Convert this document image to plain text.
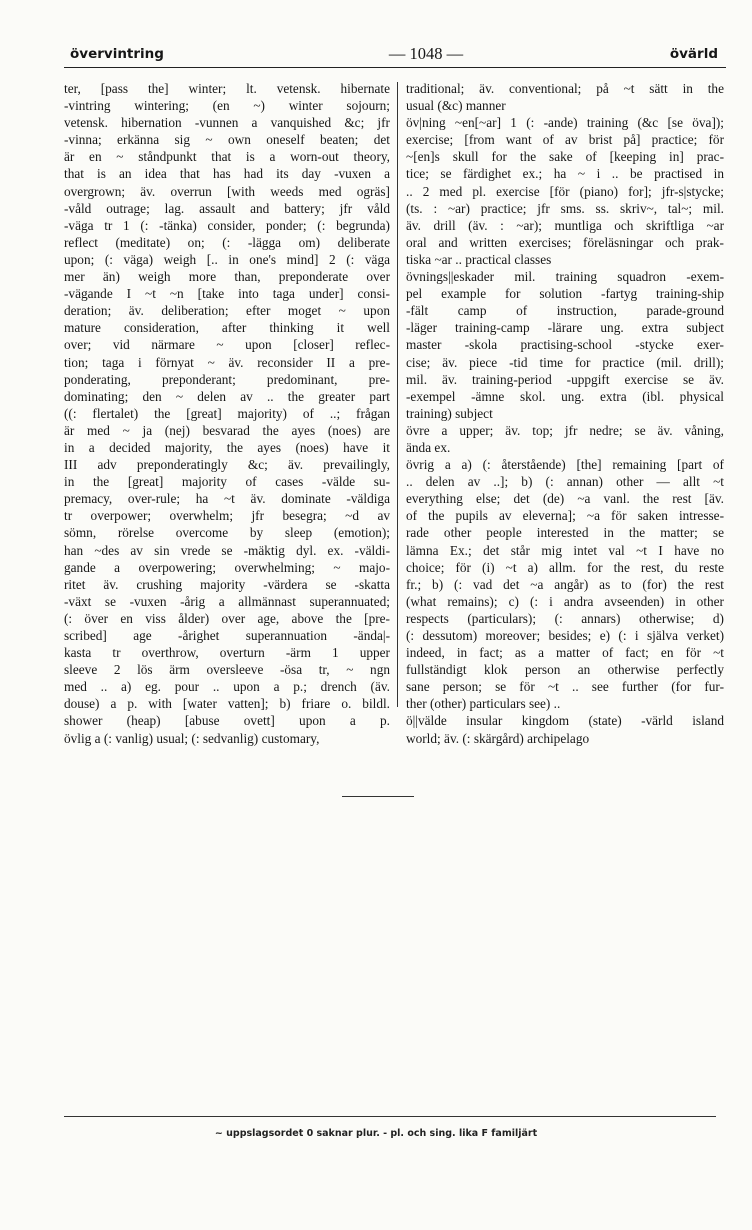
övervintring	— 1048 —	övärld
ter, [pass the] winter; lt. vetensk. hibernate
-vintring wintering; (en ~) winter sojourn;
vetensk. hibernation -vunnen a vanquished &c; jfr
-vinna; erkänna sig ~ own oneself beaten; det
är en ~ ståndpunkt that is a worn-out theory,
that is an idea that has had its day -vuxen a
overgrown; äv. overrun [with weeds med ogräs]
-våld outrage; lag. assault and battery; jfr våld
-väga tr 1 (: -tänka) consider, ponder; (: begrunda)
reflect (meditate) on; (: -lägga om) deliberate
upon; (: väga) weigh [.. in one's mind] 2 (: väga
mer än) weigh more than, preponderate over
-vägande I ~t ~n [take into taga under] consi-
deration; äv. deliberation; efter moget ~ upon
mature consideration, after thinking it well
over; vid närmare ~ upon [closer] reflec-
tion; taga i förnyat ~ äv. reconsider II a pre-
ponderating, preponderant; predominant, pre-
dominating; den ~ delen av .. the greater part
((: flertalet) the [great] majority) of ..; frågan
är med ~ ja (nej) besvarad the ayes (noes) are
in a decided majority, the ayes (noes) have it
III adv preponderatingly &c; äv. prevailingly,
in the [great] majority of cases -välde su-
premacy, over-rule; ha ~t äv. dominate -väldiga
tr overpower; overwhelm; jfr besegra; ~d av
sömn, rörelse overcome by sleep (emotion);
han ~des av sin vrede se -mäktig dyl. ex. -väldi-
gande a overpowering; overwhelming; ~ majo-
ritet äv. crushing majority -värdera se -skatta
-växt se -vuxen -årig a allmännast superannuated;
(: över en viss ålder) over age, above the [pre-
scribed] age -årighet superannuation -ända|-
kasta tr overthrow, overturn -ärm 1 upper
sleeve 2 lös ärm oversleeve -ösa tr, ~ ngn
med .. a) eg. pour .. upon a p.; drench (äv.
douse) a p. with [water vatten]; b) friare o. bildl.
shower (heap) [abuse ovett] upon a p.
övlig a (: vanlig) usual; (: sedvanlig) customary,
traditional; äv. conventional; på ~t sätt in the
usual (&c) manner
öv|ning ~en[~ar] 1 (: -ande) training (&c [se öva]);
exercise; [from want of av brist på] practice; för
~[en]s skull for the sake of [keeping in] prac-
tice; se färdighet ex.; ha ~ i .. be practised in
.. 2 med pl. exercise [för (piano) for]; jfr-s|stycke;
(ts. : ~ar) practice; jfr sms. ss. skriv~, tal~; mil.
äv. drill (äv. : ~ar); muntliga och skriftliga ~ar
oral and written exercises; föreläsningar och prak-
tiska ~ar .. practical classes
övnings||eskader mil. training squadron -exem-
pel example for solution -fartyg training-ship
-fält camp of instruction, parade-ground
-läger training-camp -lärare ung. extra subject
master -skola practising-school -stycke exer-
cise; äv. piece -tid time for practice (mil. drill);
mil. äv. training-period -uppgift exercise se äv.
-exempel -ämne skol. ung. extra (ibl. physical
training) subject
övre a upper; äv. top; jfr nedre; se äv. våning,
ända ex.
övrig a a) (: återstående) [the] remaining [part of
.. delen av ..]; b) (: annan) other — allt ~t
everything else; det (de) ~a vanl. the rest [äv.
of the pupils av eleverna]; ~a för saken intresse-
rade other people interested in the matter; se
lämna Ex.; det står mig intet val ~t I have no
choice; för (i) ~t a) allm. for the rest, du reste
fr.; b) (: vad det ~a angår) as to (for) the rest
(what remains); c) (: i andra avseenden) in other
respects (particulars); (: annars) otherwise; d)
(: dessutom) moreover; besides; e) (: i själva verket)
indeed, in fact; as a matter of fact; en för ~t
fullständigt klok person an otherwise perfectly
sane person; se för ~t .. see further (for fur-
ther (other) particulars see) ..
ö||välde insular kingdom (state) -värld island
world; äv. (: skärgård) archipelago
~ uppslagsordet 0 saknar plur. - pl. och sing. lika F familjärt
